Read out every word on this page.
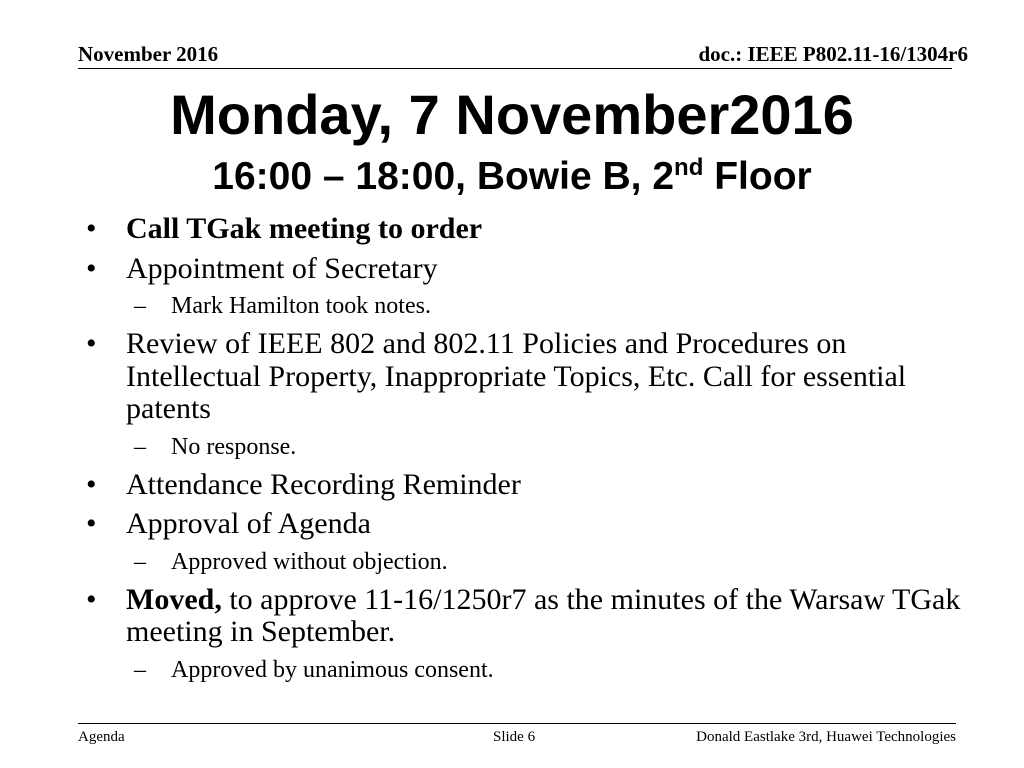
November 2016	doc.: IEEE P802.11-16/1304r6
Monday, 7 November2016
16:00 – 18:00, Bowie B, 2nd Floor
• Call TGak meeting to order
• Appointment of Secretary
– Mark Hamilton took notes.
• Review of IEEE 802 and 802.11 Policies and Procedures on Intellectual Property, Inappropriate Topics, Etc. Call for essential patents
– No response.
• Attendance Recording Reminder
• Approval of Agenda
– Approved without objection.
• Moved, to approve 11-16/1250r7 as the minutes of the Warsaw TGak meeting in September.
– Approved by unanimous consent.
Agenda	Slide 6	Donald Eastlake 3rd, Huawei Technologies
